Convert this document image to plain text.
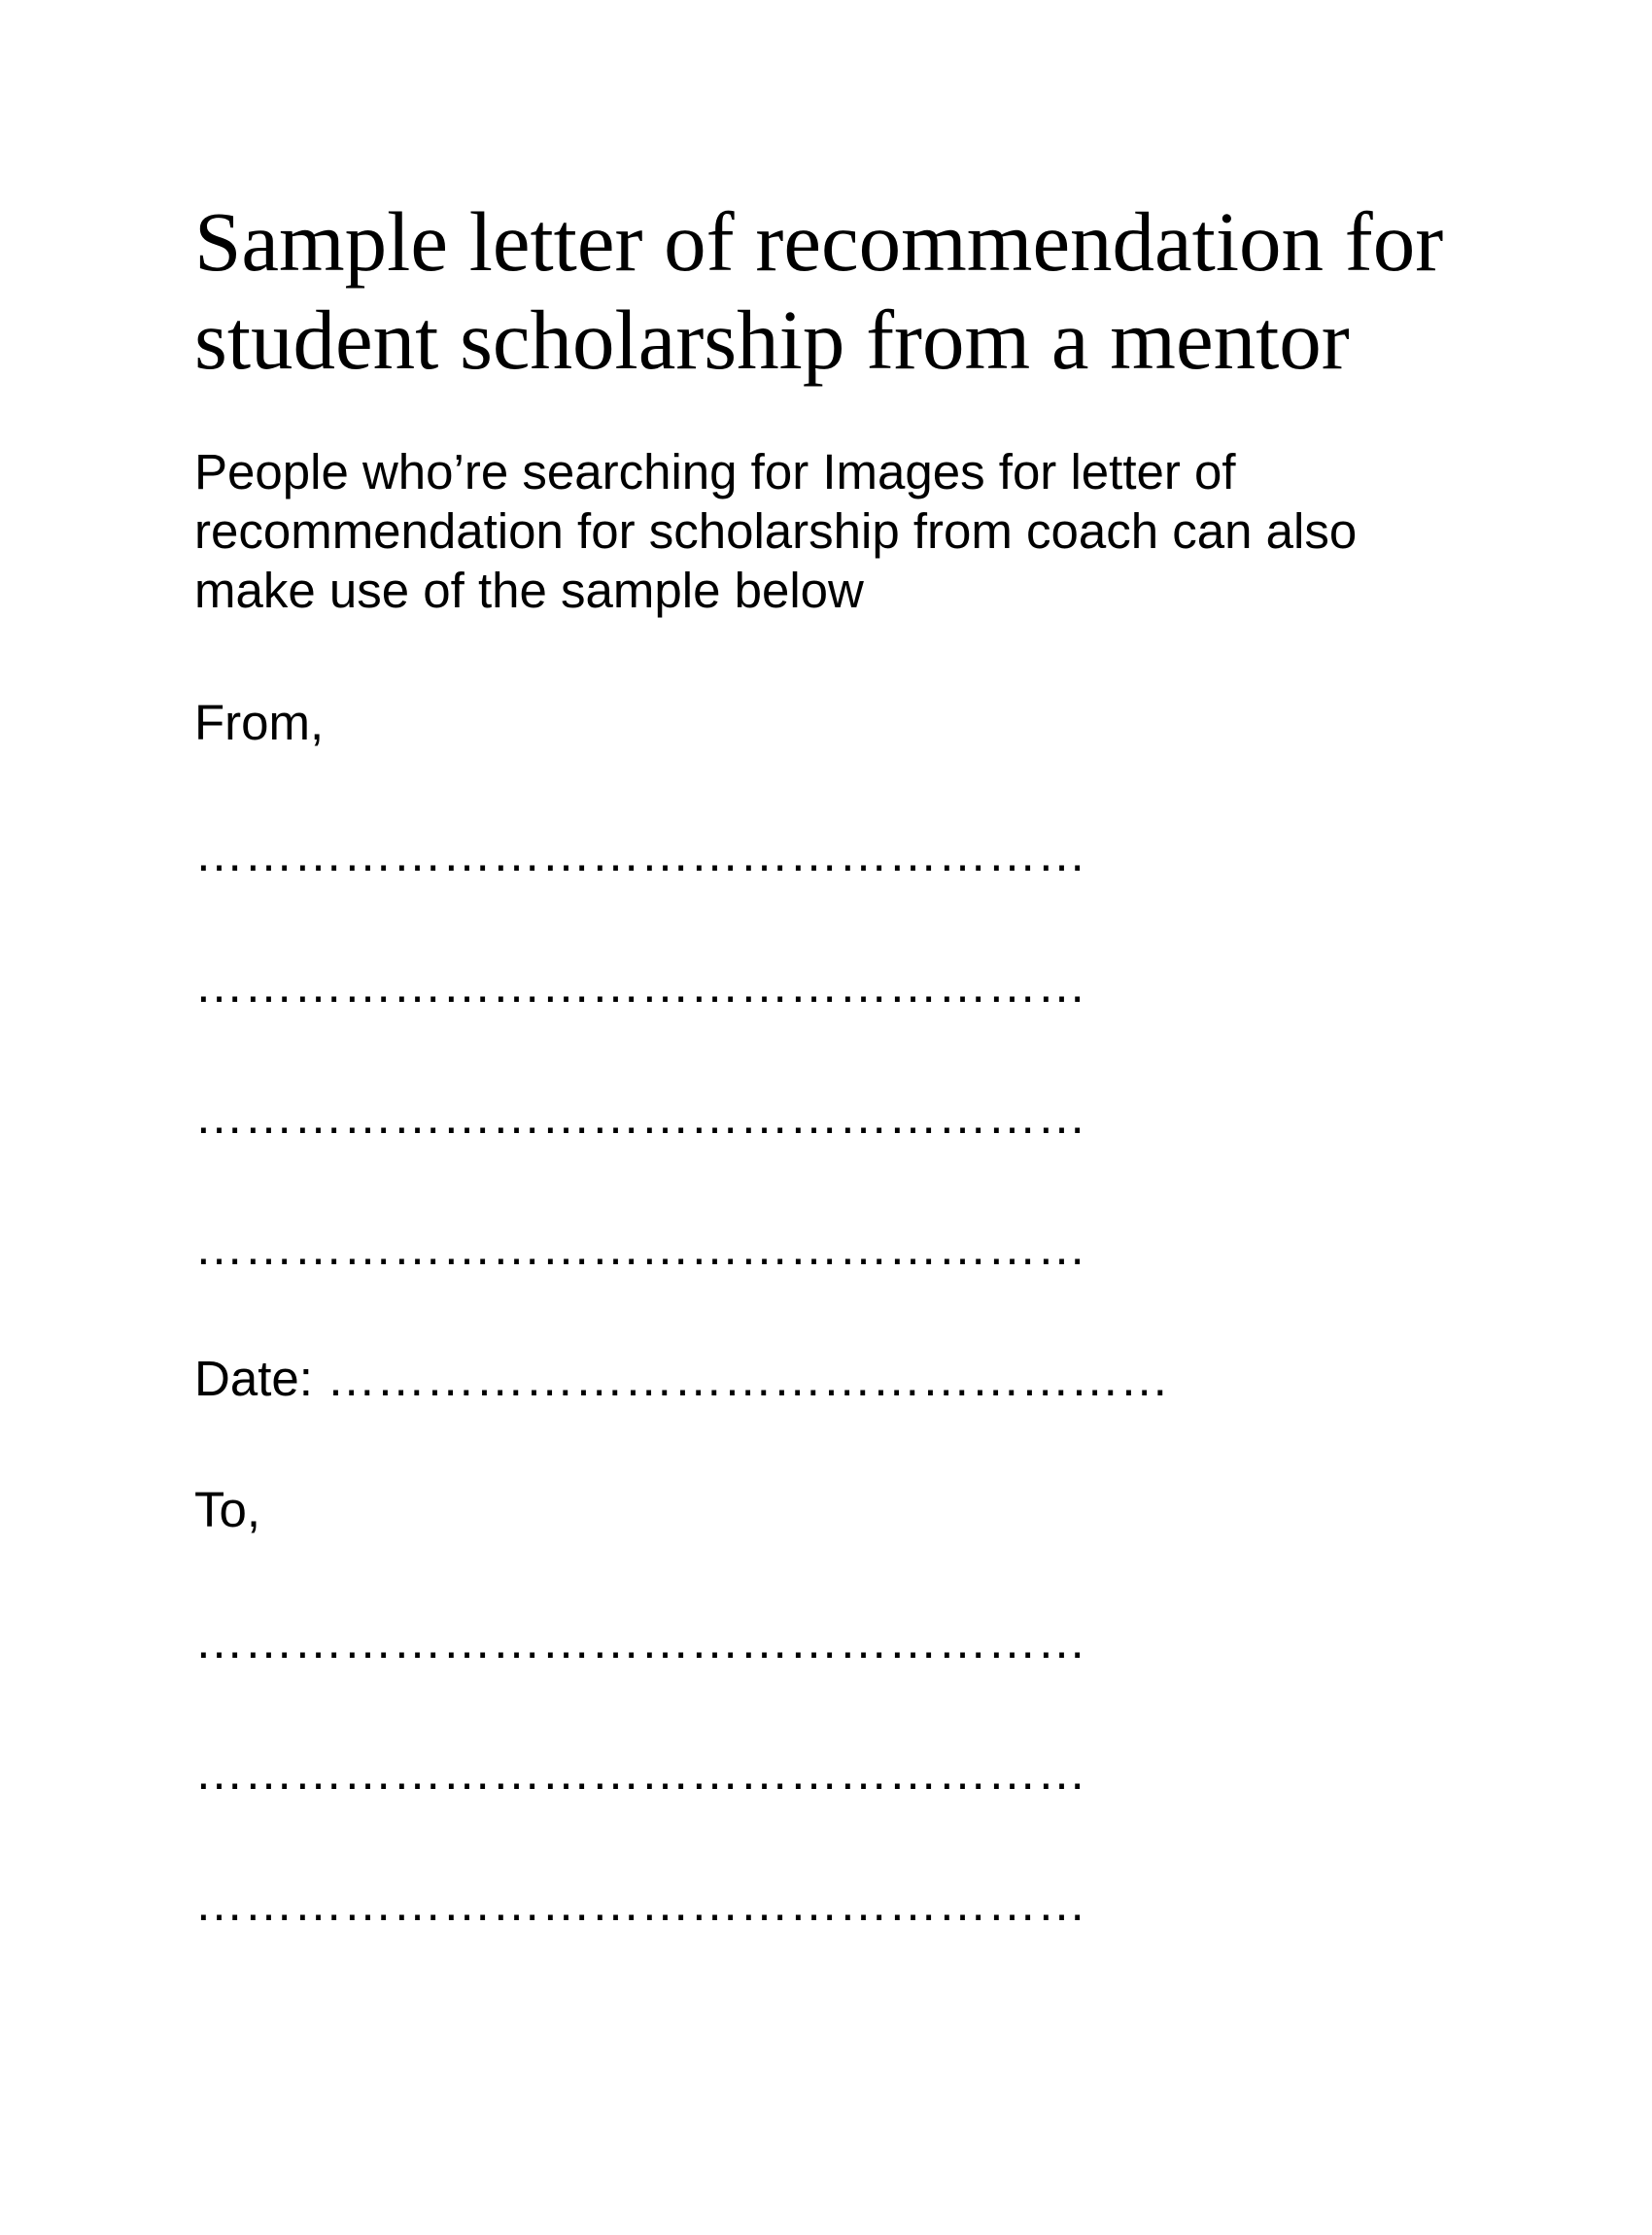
Sample letter of recommendation for
student scholarship from a mentor

People who’re searching for Images for letter of
recommendation for scholarship from coach can also
make use of the sample below

From,

………………………………………………

………………………………………………

………………………………………………

………………………………………………

Date: ……………………………………………

To,

………………………………………………

………………………………………………

………………………………………………
